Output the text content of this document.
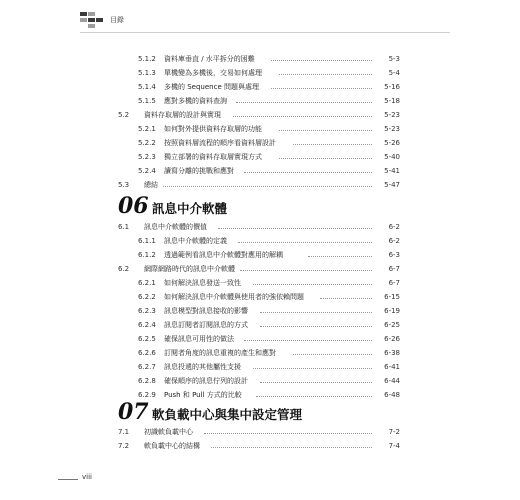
目錄
5.1.2 資料庫垂直 / 水平拆分的困難	5-3
5.1.3 單機變為多機後，交易如何處理	5-4
5.1.4 多機的 Sequence 問題與處理	5-16
5.1.5 應對多機的資料查詢	5-18
5.2 資料存取層的設計與實現	5-23
5.2.1 如何對外提供資料存取層的功能	5-23
5.2.2 按照資料層流程的順序看資料層設計	5-26
5.2.3 獨立部署的資料存取層實現方式	5-40
5.2.4 讀寫分離的挑戰和應對	5-41
5.3 總結	5-47
06 訊息中介軟體
6.1 訊息中介軟體的價值	6-2
6.1.1 訊息中介軟體的定義	6-2
6.1.2 透過範例看訊息中介軟體對應用的解耦	6-3
6.2 網際網路時代的訊息中介軟體	6-7
6.2.1 如何解決訊息發送一致性	6-7
6.2.2 如何解決訊息中介軟體與使用者的強依賴問題	6-15
6.2.3 訊息模型對訊息接收的影響	6-19
6.2.4 訊息訂閱者訂閱訊息的方式	6-25
6.2.5 確保訊息可用性的做法	6-26
6.2.6 訂閱者角度的訊息重複的產生和應對	6-38
6.2.7 訊息投遞的其他屬性支援	6-41
6.2.8 確保順序的訊息佇列的設計	6-44
6.2.9 Push 和 Pull 方式的比較	6-48
07 軟負載中心與集中設定管理
7.1 初識軟負載中心	7-2
7.2 軟負載中心的結構	7-4
viii
